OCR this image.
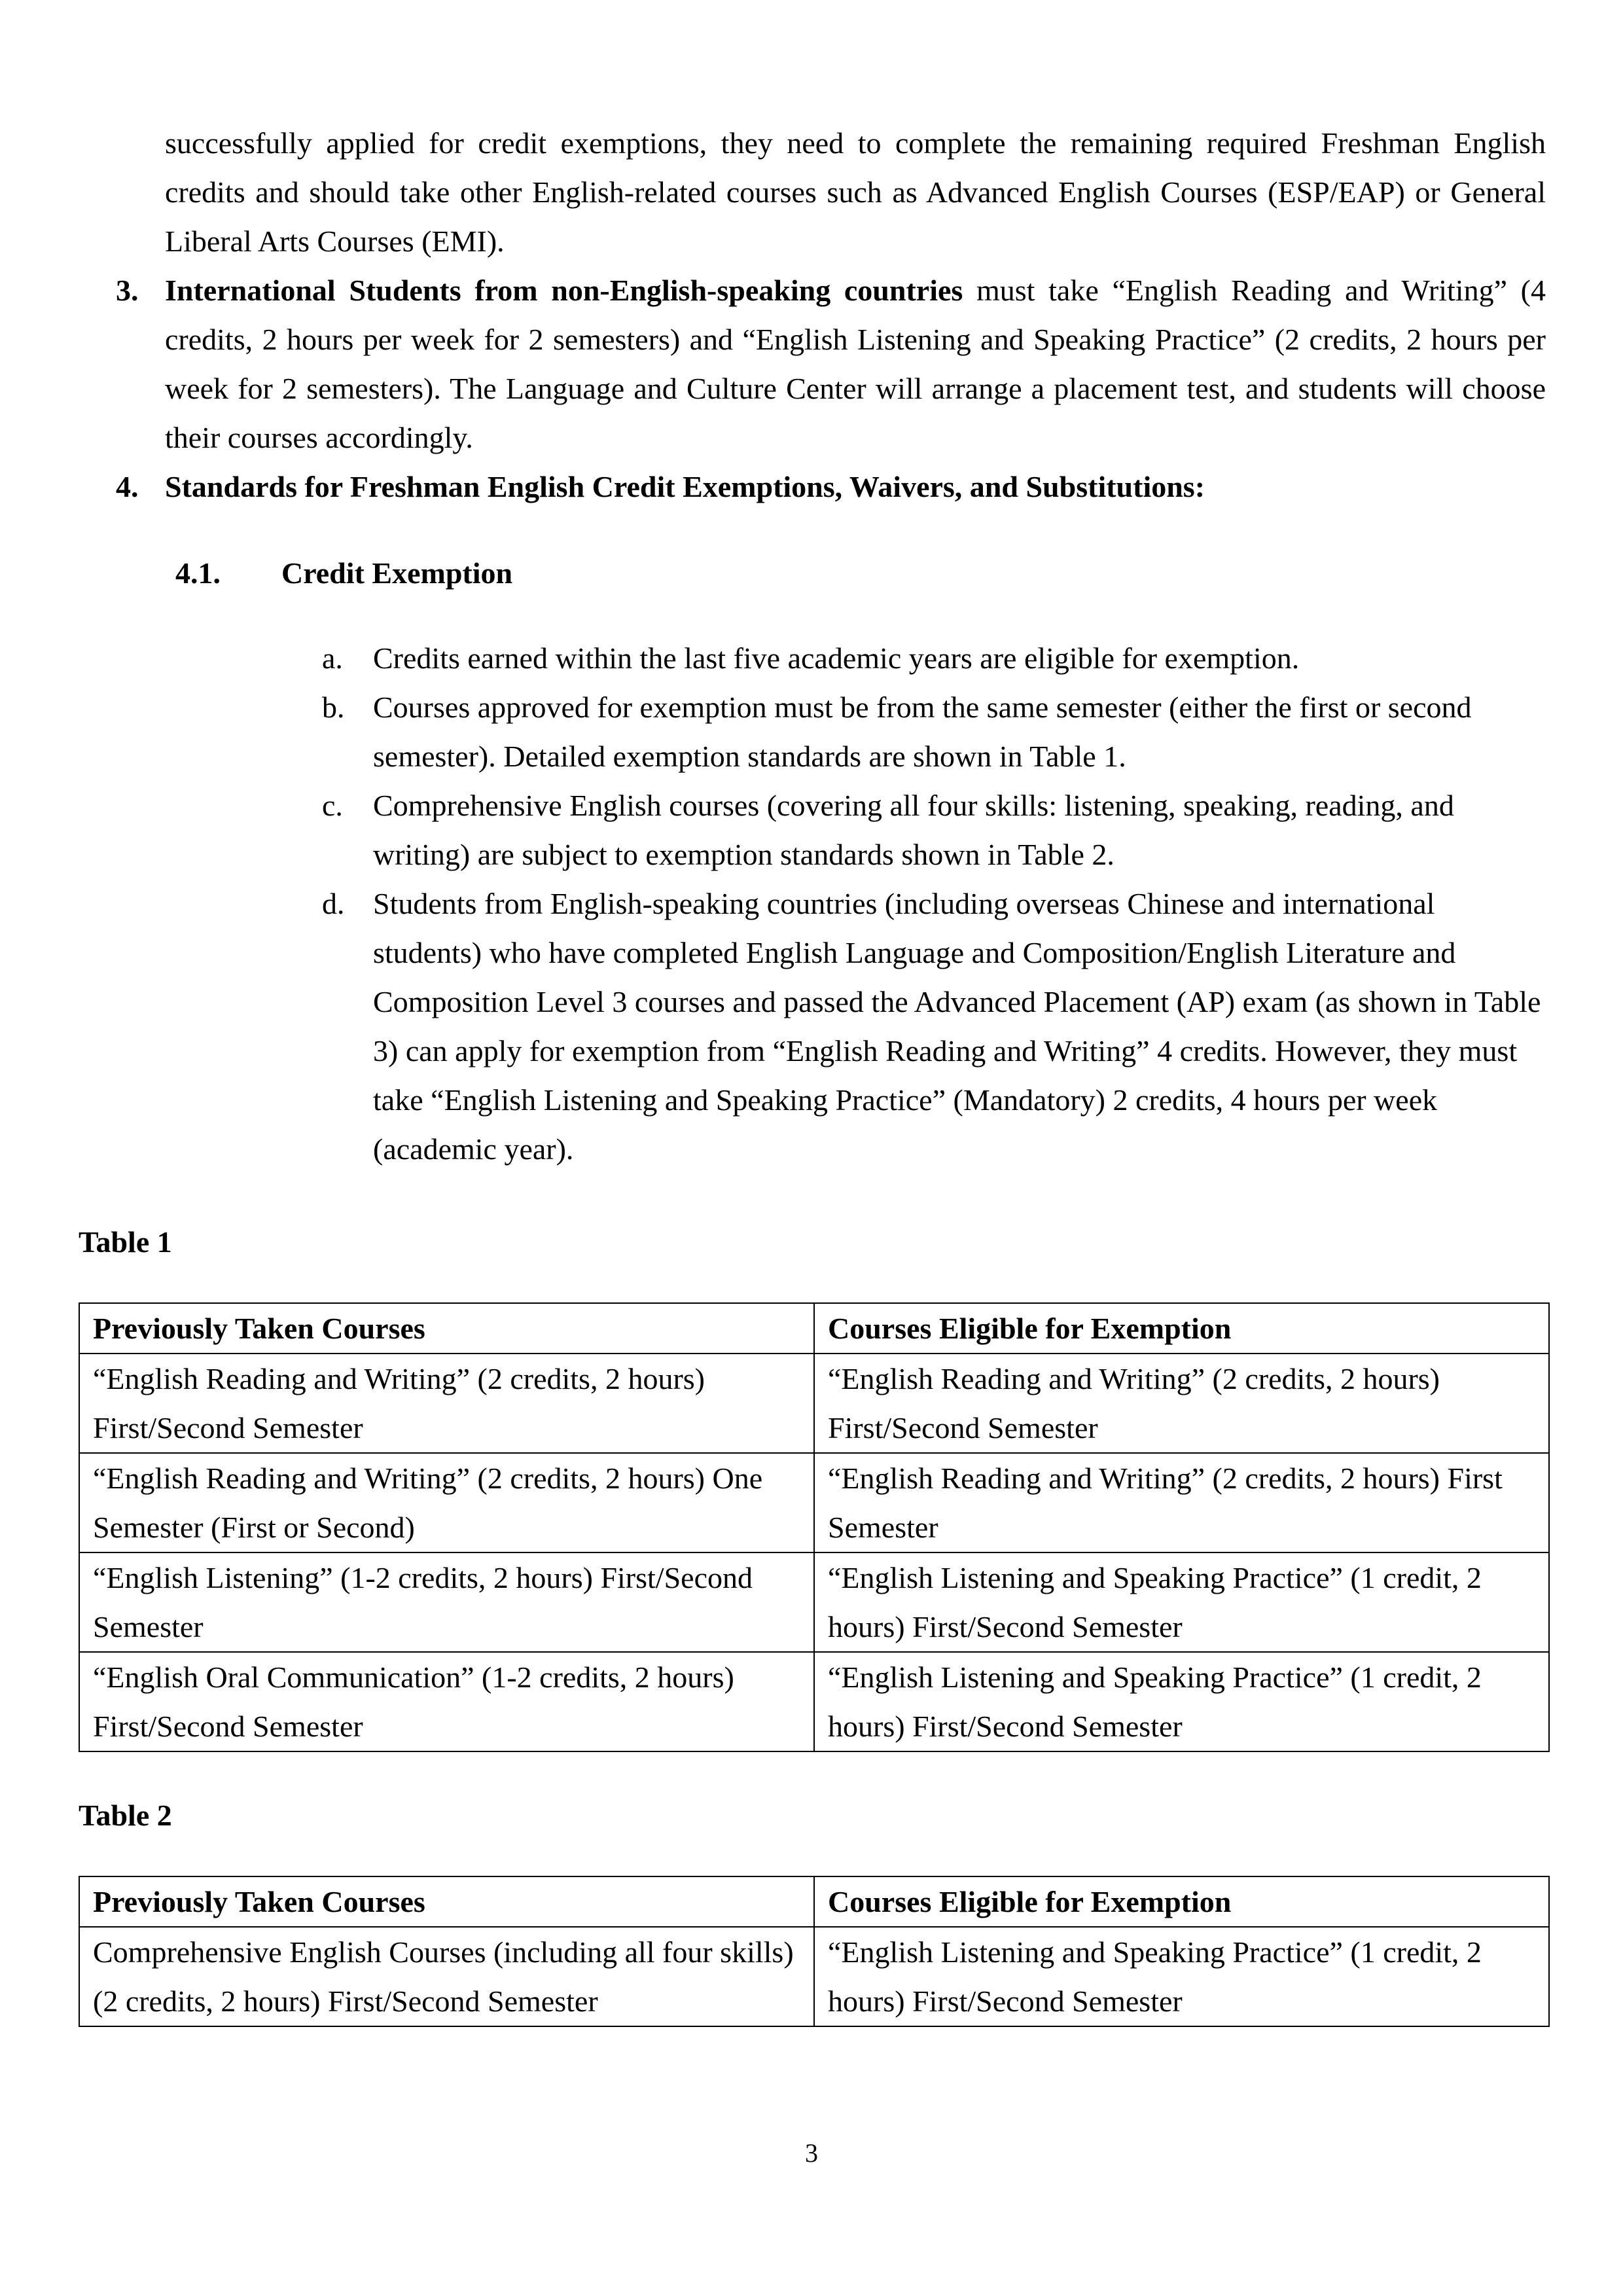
successfully applied for credit exemptions, they need to complete the remaining required Freshman English credits and should take other English-related courses such as Advanced English Courses (ESP/EAP) or General Liberal Arts Courses (EMI).

3. International Students from non-English-speaking countries must take “English Reading and Writing” (4 credits, 2 hours per week for 2 semesters) and “English Listening and Speaking Practice” (2 credits, 2 hours per week for 2 semesters). The Language and Culture Center will arrange a placement test, and students will choose their courses accordingly.

4. Standards for Freshman English Credit Exemptions, Waivers, and Substitutions:

4.1. Credit Exemption
a. Credits earned within the last five academic years are eligible for exemption.
b. Courses approved for exemption must be from the same semester (either the first or second semester). Detailed exemption standards are shown in Table 1.
c. Comprehensive English courses (covering all four skills: listening, speaking, reading, and writing) are subject to exemption standards shown in Table 2.
d. Students from English-speaking countries (including overseas Chinese and international students) who have completed English Language and Composition/English Literature and Composition Level 3 courses and passed the Advanced Placement (AP) exam (as shown in Table 3) can apply for exemption from “English Reading and Writing” 4 credits. However, they must take “English Listening and Speaking Practice” (Mandatory) 2 credits, 4 hours per week (academic year).
Table 1
Previously Taken Courses	Courses Eligible for Exemption
“English Reading and Writing” (2 credits, 2 hours) First/Second Semester	“English Reading and Writing” (2 credits, 2 hours) First/Second Semester
“English Reading and Writing” (2 credits, 2 hours) One Semester (First or Second)	“English Reading and Writing” (2 credits, 2 hours) First Semester
“English Listening” (1-2 credits, 2 hours) First/Second Semester	“English Listening and Speaking Practice” (1 credit, 2 hours) First/Second Semester
“English Oral Communication” (1-2 credits, 2 hours) First/Second Semester	“English Listening and Speaking Practice” (1 credit, 2 hours) First/Second Semester
Table 2
Previously Taken Courses	Courses Eligible for Exemption
Comprehensive English Courses (including all four skills) (2 credits, 2 hours) First/Second Semester	“English Listening and Speaking Practice” (1 credit, 2 hours) First/Second Semester
3
